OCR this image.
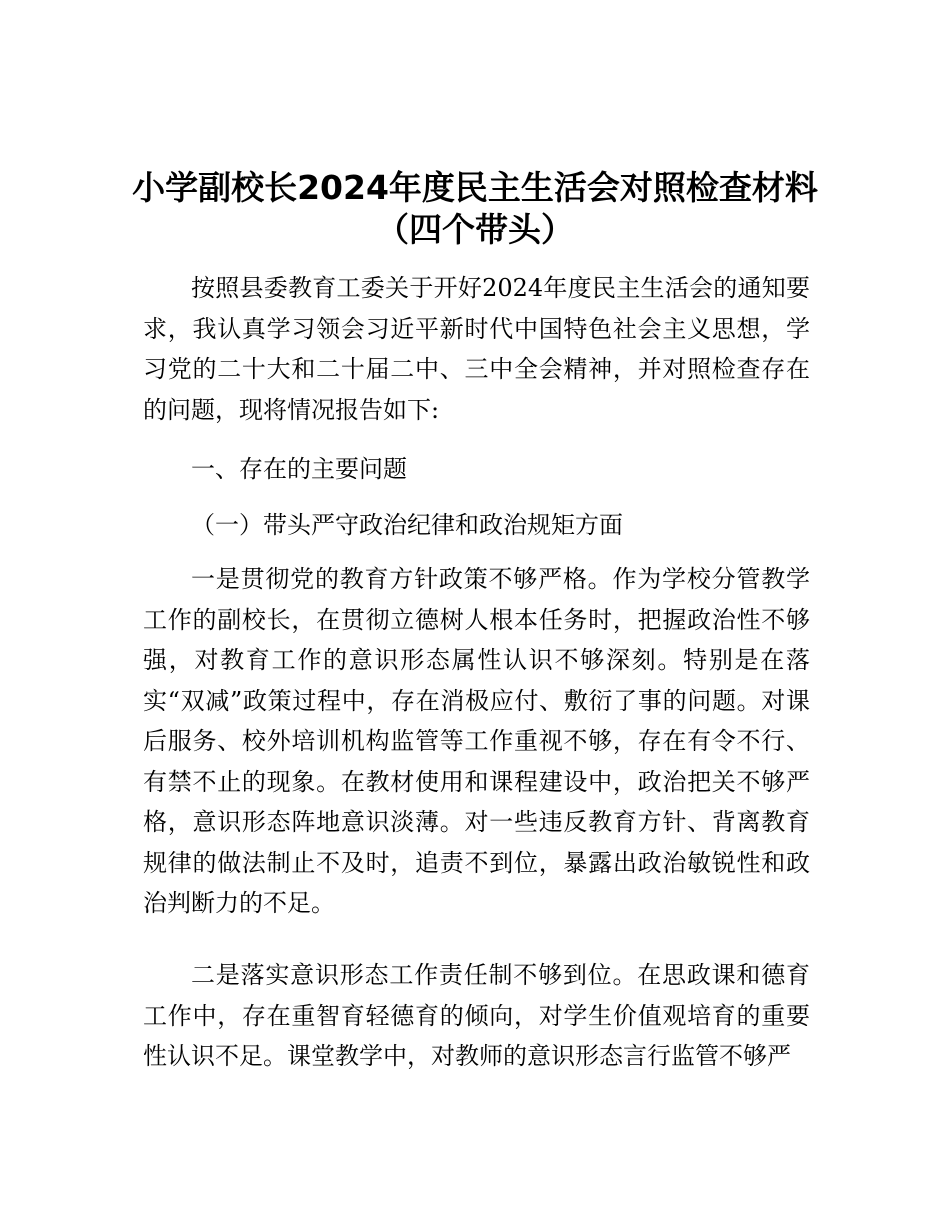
小学副校长2024年度民主生活会对照检查材料
（四个带头）

按照县委教育工委关于开好2024年度民主生活会的通知要求，我认真学习领会习近平新时代中国特色社会主义思想，学习党的二十大和二十届二中、三中全会精神，并对照检查存在的问题，现将情况报告如下:

一、存在的主要问题

（一）带头严守政治纪律和政治规矩方面

一是贯彻党的教育方针政策不够严格。作为学校分管教学工作的副校长，在贯彻立德树人根本任务时，把握政治性不够强，对教育工作的意识形态属性认识不够深刻。特别是在落实“双减”政策过程中，存在消极应付、敷衍了事的问题。对课后服务、校外培训机构监管等工作重视不够，存在有令不行、有禁不止的现象。在教材使用和课程建设中，政治把关不够严格，意识形态阵地意识淡薄。对一些违反教育方针、背离教育规律的做法制止不及时，追责不到位，暴露出政治敏锐性和政治判断力的不足。

二是落实意识形态工作责任制不够到位。在思政课和德育工作中，存在重智育轻德育的倾向，对学生价值观培育的重要性认识不足。课堂教学中，对教师的意识形态言行监管不够严
